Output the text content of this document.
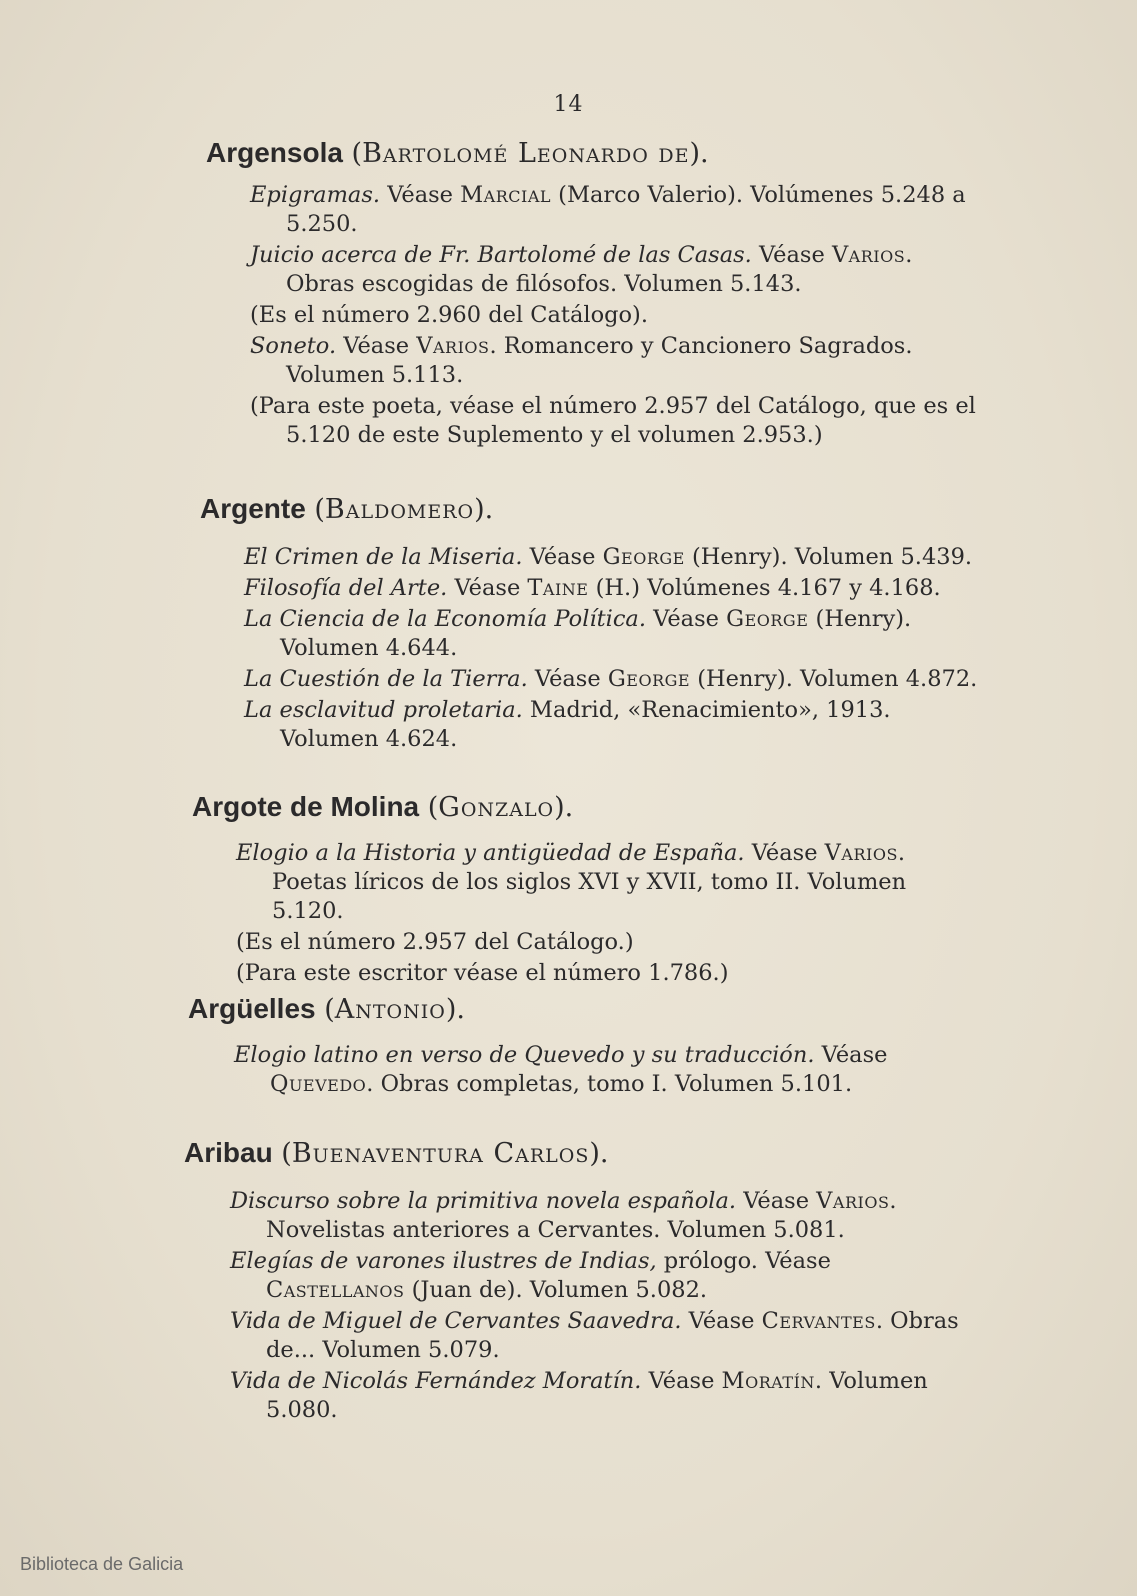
14
Argensola (Bartolomé Leonardo de).
Epigramas. Véase Marcial (Marco Valerio). Volúmenes 5.248 a 5.250.
Juicio acerca de Fr. Bartolomé de las Casas. Véase Varios. Obras escogidas de filósofos. Volumen 5.143.
(Es el número 2.960 del Catálogo).
Soneto. Véase Varios. Romancero y Cancionero Sagrados. Volumen 5.113.
(Para este poeta, véase el número 2.957 del Catálogo, que es el 5.120 de este Suplemento y el volumen 2.953.)
Argente (Baldomero).
El Crimen de la Miseria. Véase George (Henry). Volumen 5.439.
Filosofía del Arte. Véase Taine (H.) Volúmenes 4.167 y 4.168.
La Ciencia de la Economía Política. Véase George (Henry). Volumen 4.644.
La Cuestión de la Tierra. Véase George (Henry). Volumen 4.872.
La esclavitud proletaria. Madrid, «Renacimiento», 1913. Volumen 4.624.
Argote de Molina (Gonzalo).
Elogio a la Historia y antigüedad de España. Véase Varios. Poetas líricos de los siglos XVI y XVII, tomo II. Volumen 5.120.
(Es el número 2.957 del Catálogo.)
(Para este escritor véase el número 1.786.)
Argüelles (Antonio).
Elogio latino en verso de Quevedo y su traducción. Véase Quevedo. Obras completas, tomo I. Volumen 5.101.
Aribau (Buenaventura Carlos).
Discurso sobre la primitiva novela española. Véase Varios. Novelistas anteriores a Cervantes. Volumen 5.081.
Elegías de varones ilustres de Indias, prólogo. Véase Castellanos (Juan de). Volumen 5.082.
Vida de Miguel de Cervantes Saavedra. Véase Cervantes. Obras de... Volumen 5.079.
Vida de Nicolás Fernández Moratín. Véase Moratín. Volumen 5.080.
Biblioteca de Galicia
